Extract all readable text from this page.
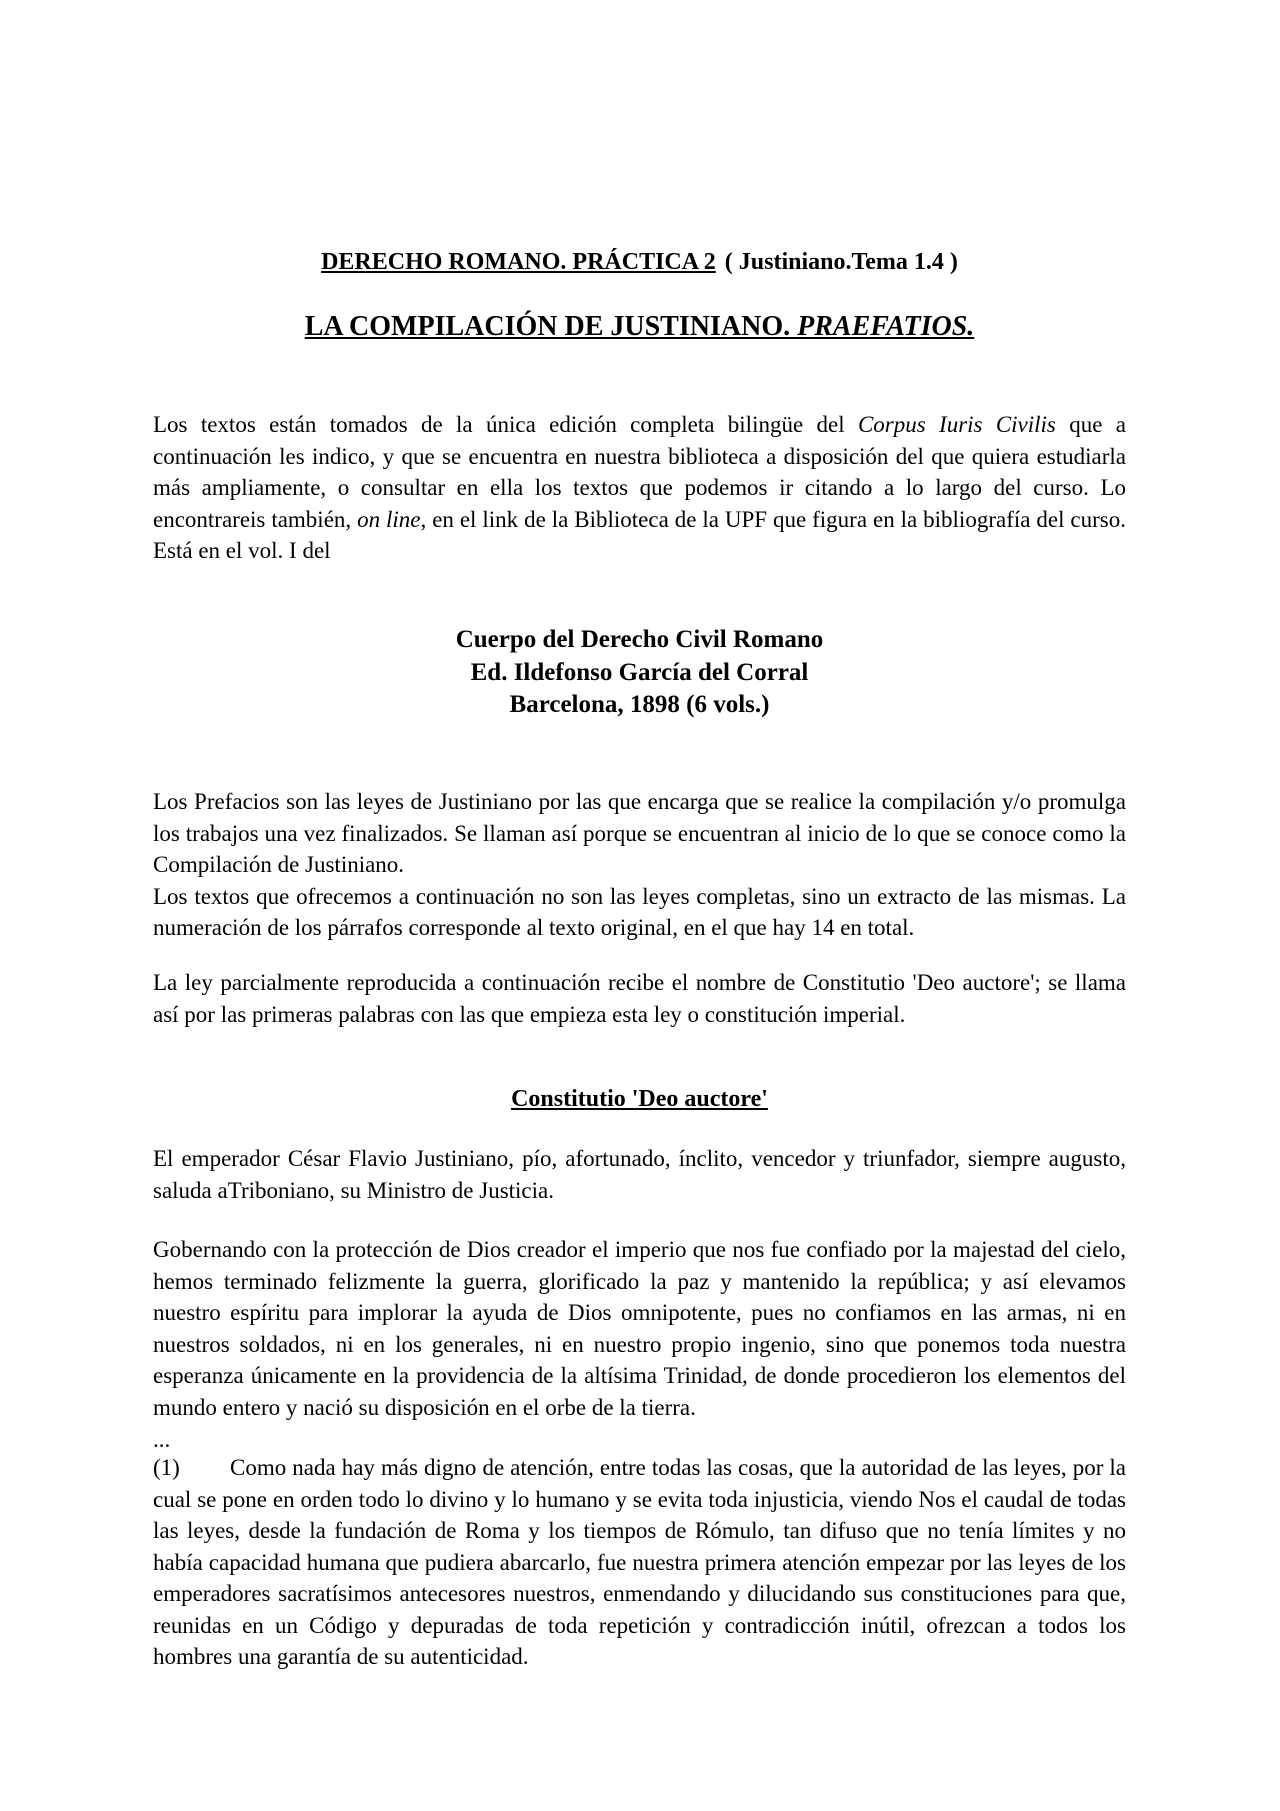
DERECHO ROMANO. PRÁCTICA 2 ( Justiniano.Tema 1.4 )
LA COMPILACIÓN DE JUSTINIANO. PRAEFATIOS.

Los textos están tomados de la única edición completa bilingüe del Corpus Iuris Civilis que a continuación les indico, y que se encuentra en nuestra biblioteca a disposición del que quiera estudiarla más ampliamente, o consultar en ella los textos que podemos ir citando a lo largo del curso. Lo encontrareis también, on line, en el link de la Biblioteca de la UPF que figura en la bibliografía del curso. Está en el vol. I del

Cuerpo del Derecho Civil Romano

Ed. Ildefonso García del Corral

Barcelona, 1898 (6 vols.)

Los Prefacios son las leyes de Justiniano por las que encarga que se realice la compilación y/o promulga los trabajos una vez finalizados. Se llaman así porque se encuentran al inicio de lo que se conoce como la Compilación de Justiniano.

Los textos que ofrecemos a continuación no son las leyes completas, sino un extracto de las mismas. La numeración de los párrafos corresponde al texto original, en el que hay 14 en total.

La ley parcialmente reproducida a continuación recibe el nombre de Constitutio 'Deo auctore'; se llama así por las primeras palabras con las que empieza esta ley o constitución imperial.

Constitutio 'Deo auctore'

El emperador César Flavio Justiniano, pío, afortunado, ínclito, vencedor y triunfador, siempre augusto, saluda aTriboniano, su Ministro de Justicia.

Gobernando con la protección de Dios creador el imperio que nos fue confiado por la majestad del cielo, hemos terminado felizmente la guerra, glorificado la paz y mantenido la república; y así elevamos nuestro espíritu para implorar la ayuda de Dios omnipotente, pues no confiamos en las armas, ni en nuestros soldados, ni en los generales, ni en nuestro propio ingenio, sino que ponemos toda nuestra esperanza únicamente en la providencia de la altísima Trinidad, de donde procedieron los elementos del mundo entero y nació su disposición en el orbe de la tierra.

...

(1) Como nada hay más digno de atención, entre todas las cosas, que la autoridad de las leyes, por la cual se pone en orden todo lo divino y lo humano y se evita toda injusticia, viendo Nos el caudal de todas las leyes, desde la fundación de Roma y los tiempos de Rómulo, tan difuso que no tenía límites y no había capacidad humana que pudiera abarcarlo, fue nuestra primera atención empezar por las leyes de los emperadores sacratísimos antecesores nuestros, enmendando y dilucidando sus constituciones para que, reunidas en un Código y depuradas de toda repetición y contradicción inútil, ofrezcan a todos los hombres una garantía de su autenticidad.
